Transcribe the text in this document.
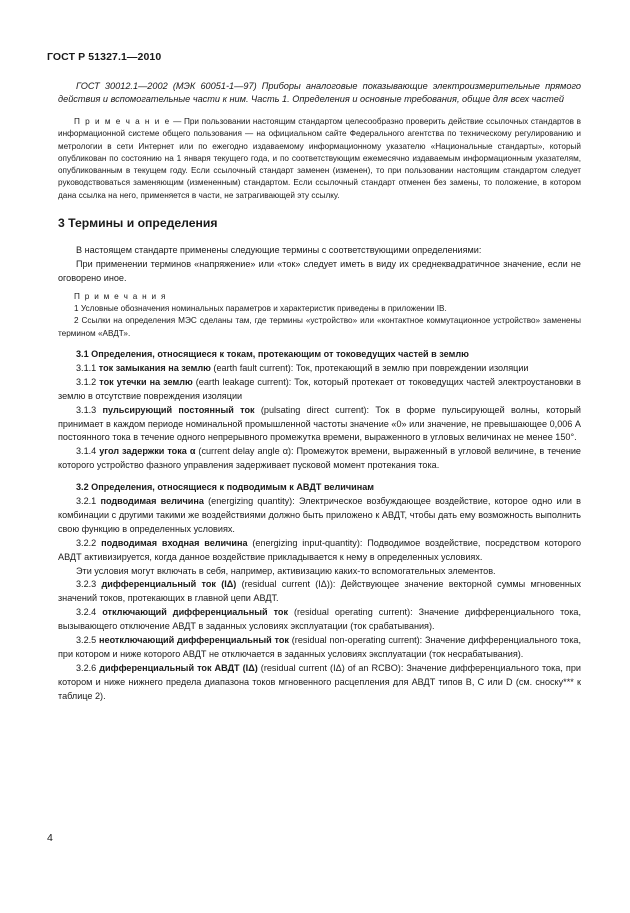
ГОСТ Р 51327.1—2010

ГОСТ 30012.1—2002 (МЭК 60051-1—97) Приборы аналоговые показывающие электроизмерительные прямого действия и вспомогательные части к ним. Часть 1. Определения и основные требования, общие для всех частей

П р и м е ч а н и е — При пользовании настоящим стандартом целесообразно проверить действие ссылочных стандартов в информационной системе общего пользования — на официальном сайте Федерального агентства по техническому регулированию и метрологии в сети Интернет или по ежегодно издаваемому информационному указателю «Национальные стандарты», который опубликован по состоянию на 1 января текущего года, и по соответствующим ежемесячно издаваемым информационным указателям, опубликованным в текущем году. Если ссылочный стандарт заменен (изменен), то при пользовании настоящим стандартом следует руководствоваться заменяющим (измененным) стандартом. Если ссылочный стандарт отменен без замены, то положение, в котором дана ссылка на него, применяется в части, не затрагивающей эту ссылку.

3 Термины и определения

В настоящем стандарте применены следующие термины с соответствующими определениями:

При применении терминов «напряжение» или «ток» следует иметь в виду их среднеквадратичное значение, если не оговорено иное.

П р и м е ч а н и я

1 Условные обозначения номинальных параметров и характеристик приведены в приложении IB.

2 Ссылки на определения МЭС сделаны там, где термины «устройство» или «контактное коммутационное устройство» заменены термином «АВДТ».

3.1 Определения, относящиеся к токам, протекающим от токоведущих частей в землю

3.1.1 ток замыкания на землю (earth fault current): Ток, протекающий в землю при повреждении изоляции

3.1.2 ток утечки на землю (earth leakage current): Ток, который протекает от токоведущих частей электроустановки в землю в отсутствие повреждения изоляции

3.1.3 пульсирующий постоянный ток (pulsating direct current): Ток в форме пульсирующей волны, который принимает в каждом периоде номинальной промышленной частоты значение «0» или значение, не превышающее 0,006 А постоянного тока в течение одного непрерывного промежутка времени, выраженного в угловых величинах не менее 150°.

3.1.4 угол задержки тока α (current delay angle α): Промежуток времени, выраженный в угловой величине, в течение которого устройство фазного управления задерживает пусковой момент протекания тока.

3.2 Определения, относящиеся к подводимым к АВДТ величинам

3.2.1 подводимая величина (energizing quantity): Электрическое возбуждающее воздействие, которое одно или в комбинации с другими такими же воздействиями должно быть приложено к АВДТ, чтобы дать ему возможность выполнить свою функцию в определенных условиях.

3.2.2 подводимая входная величина (energizing input-quantity): Подводимое воздействие, посредством которого АВДТ активизируется, когда данное воздействие прикладывается к нему в определенных условиях.

Эти условия могут включать в себя, например, активизацию каких-то вспомогательных элементов.

3.2.3 дифференциальный ток (IΔ) (residual current (IΔ)): Действующее значение векторной суммы мгновенных значений токов, протекающих в главной цепи АВДТ.

3.2.4 отключающий дифференциальный ток (residual operating current): Значение дифференциального тока, вызывающего отключение АВДТ в заданных условиях эксплуатации (ток срабатывания).

3.2.5 неотключающий дифференциальный ток (residual non-operating current): Значение дифференциального тока, при котором и ниже которого АВДТ не отключается в заданных условиях эксплуатации (ток несрабатывания).

3.2.6 дифференциальный ток АВДТ (IΔ) (residual current (IΔ) of an RCBO): Значение дифференциального тока, при котором и ниже нижнего предела диапазона токов мгновенного расцепления для АВДТ типов B, C или D (см. сноску*** к таблице 2).

4
